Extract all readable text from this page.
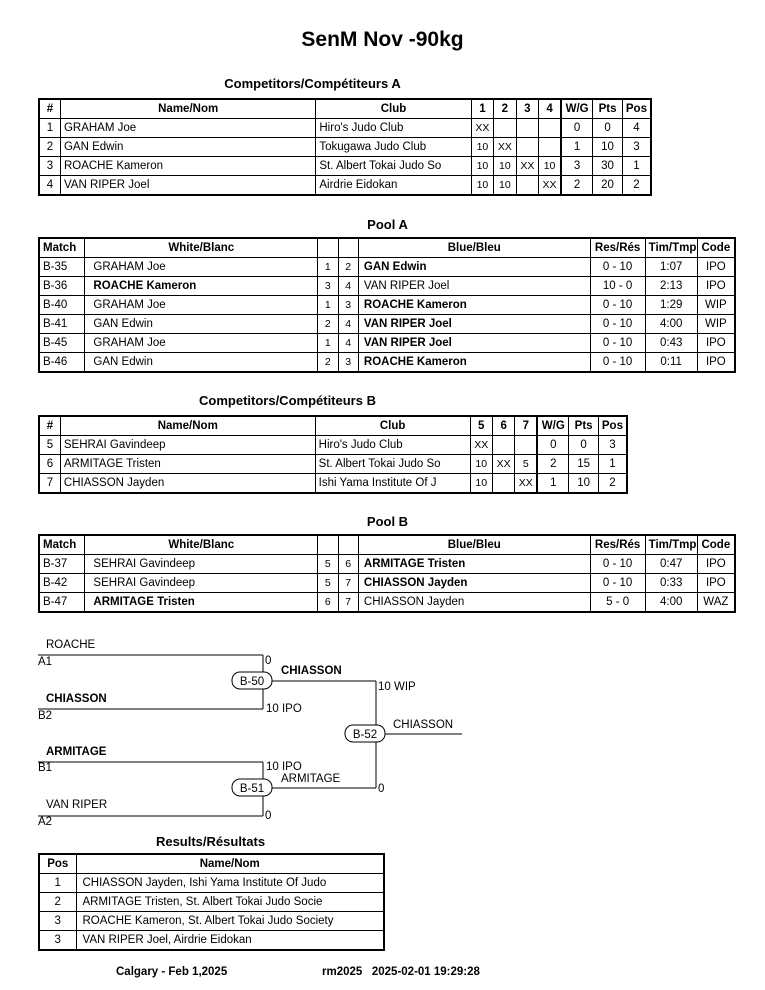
SenM Nov -90kg
Competitors/Compétiteurs A
#	Name/Nom	Club	1	2	3	4	W/G	Pts	Pos
1	GRAHAM Joe	Hiro's Judo Club	XX				0	0	4
2	GAN Edwin	Tokugawa Judo Club	10	XX			1	10	3
3	ROACHE Kameron	St. Albert Tokai Judo So	10	10	XX	10	3	30	1
4	VAN RIPER Joel	Airdrie Eidokan	10	10		XX	2	20	2
Pool A
Match	White/Blanc			Blue/Bleu	Res/Rés	Tim/Tmp	Code
B-35	GRAHAM Joe	1	2	GAN Edwin	0 - 10	1:07	IPO
B-36	ROACHE Kameron	3	4	VAN RIPER Joel	10 - 0	2:13	IPO
B-40	GRAHAM Joe	1	3	ROACHE Kameron	0 - 10	1:29	WIP
B-41	GAN Edwin	2	4	VAN RIPER Joel	0 - 10	4:00	WIP
B-45	GRAHAM Joe	1	4	VAN RIPER Joel	0 - 10	0:43	IPO
B-46	GAN Edwin	2	3	ROACHE Kameron	0 - 10	0:11	IPO
Competitors/Compétiteurs B
#	Name/Nom	Club	5	6	7	W/G	Pts	Pos
5	SEHRAI Gavindeep	Hiro's Judo Club	XX			0	0	3
6	ARMITAGE Tristen	St. Albert Tokai Judo So	10	XX	5	2	15	1
7	CHIASSON Jayden	Ishi Yama Institute Of J	10		XX	1	10	2
Pool B
Match	White/Blanc			Blue/Bleu	Res/Rés	Tim/Tmp	Code
B-37	SEHRAI Gavindeep	5	6	ARMITAGE Tristen	0 - 10	0:47	IPO
B-42	SEHRAI Gavindeep	5	7	CHIASSON Jayden	0 - 10	0:33	IPO
B-47	ARMITAGE Tristen	6	7	CHIASSON Jayden	5 - 0	4:00	WAZ
ROACHE
A1	0
CHIASSON
B2
10 IPO
B-50
CHIASSON
10 WIP
ARMITAGE
B1	10 IPO
VAN RIPER
A2	0
B-51
ARMITAGE
0
B-52
CHIASSON
Results/Résultats
Pos	Name/Nom
1	CHIASSON Jayden, Ishi Yama Institute Of Judo
2	ARMITAGE Tristen, St. Albert Tokai Judo Socie
3	ROACHE Kameron, St. Albert Tokai Judo Society
3	VAN RIPER Joel, Airdrie Eidokan
Calgary - Feb 1,2025	rm2025   2025-02-01 19:29:28
